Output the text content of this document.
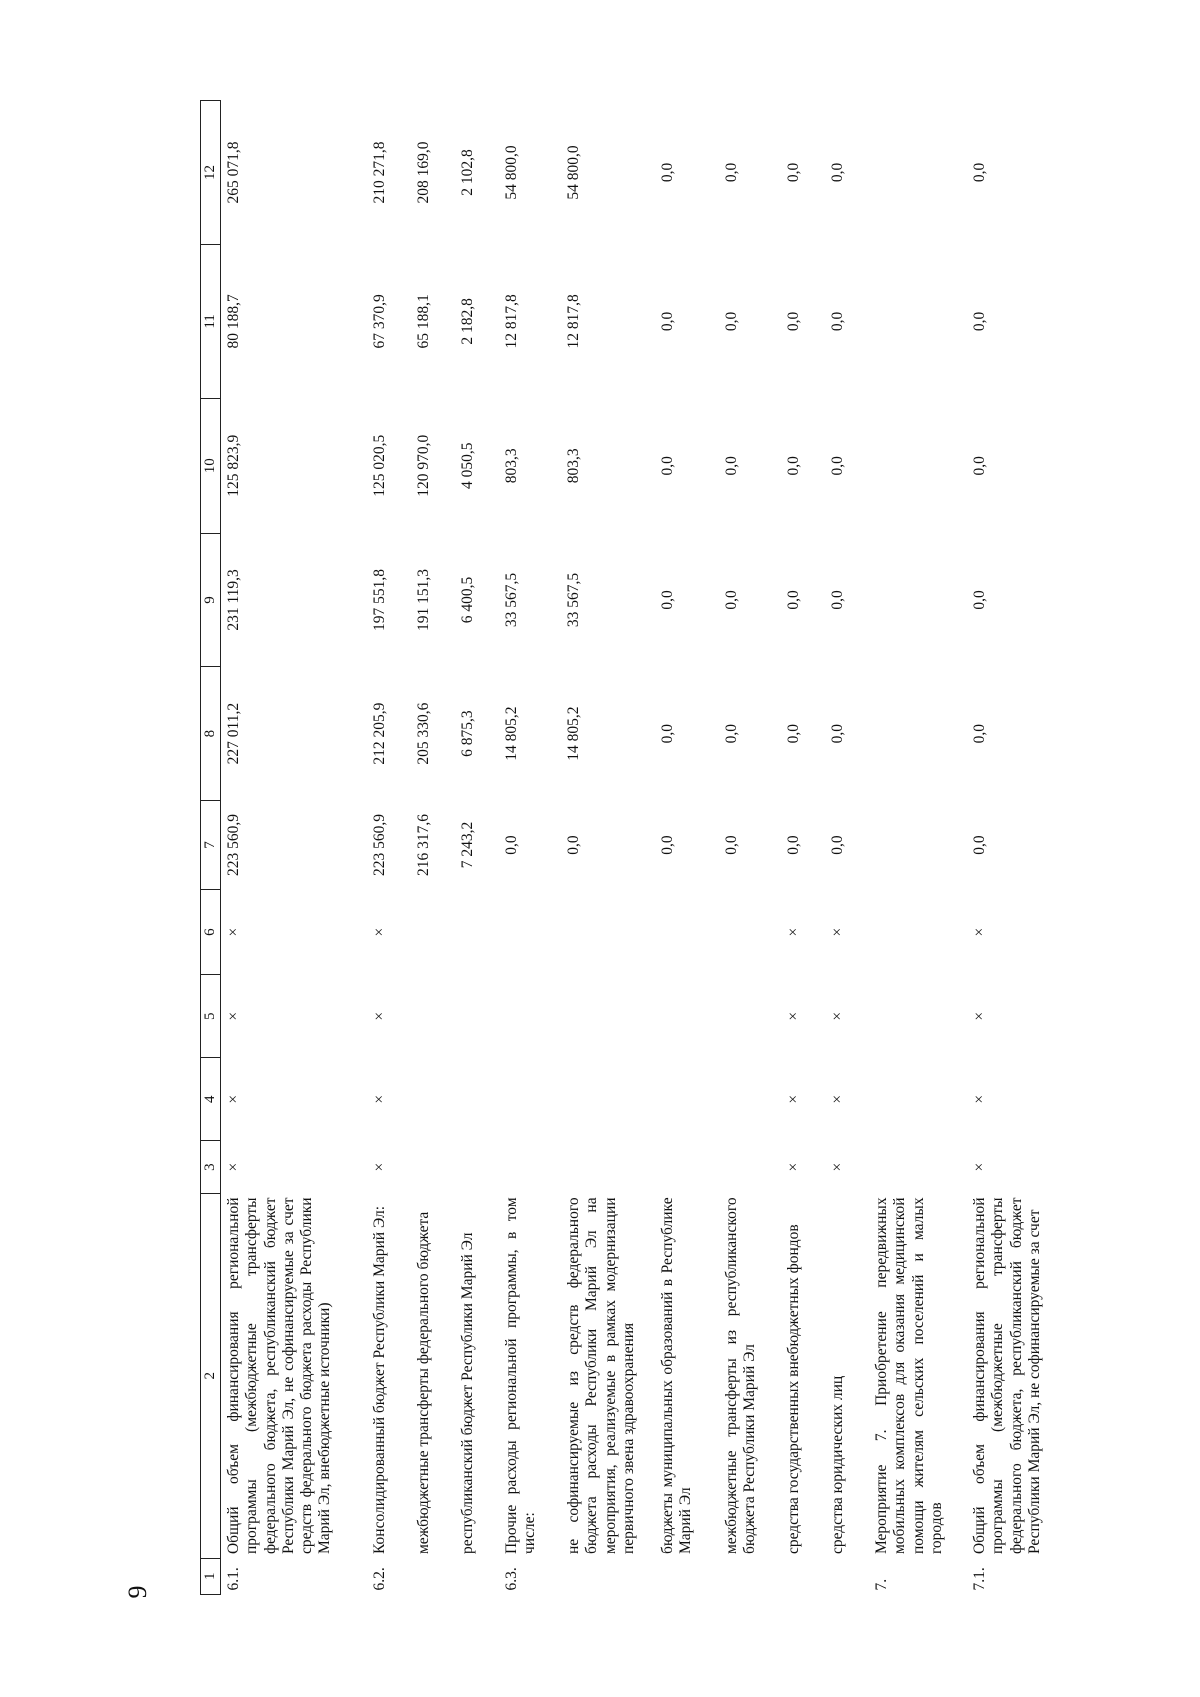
9
1	2	3	4	5	6	7	8	9	10	11	12
6.1.	Общий объем финансирования региональной программы (межбюджетные трансферты федерального бюджета, республиканский бюджет Республики Марий Эл, не софинансируемые за счет средств федерального бюджета расходы Республики Марий Эл, внебюджетные источники)	×	×	×	×	223 560,9	227 011,2	231 119,3	125 823,9	80 188,7	265 071,8
6.2.	Консолидированный бюджет Республики Марий Эл:	×	×	×	×	223 560,9	212 205,9	197 551,8	125 020,5	67 370,9	210 271,8
	межбюджетные трансферты федерального бюджета					216 317,6	205 330,6	191 151,3	120 970,0	65 188,1	208 169,0
	республиканский бюджет Республики Марий Эл					7 243,2	6 875,3	6 400,5	4 050,5	2 182,8	2 102,8
6.3.	Прочие расходы региональной программы, в том числе:					0,0	14 805,2	33 567,5	803,3	12 817,8	54 800,0
	не софинансируемые из средств федерального бюджета расходы Республики Марий Эл на мероприятия, реализуемые в рамках модернизации первичного звена здравоохранения					0,0	14 805,2	33 567,5	803,3	12 817,8	54 800,0
	бюджеты муниципальных образований в Республике Марий Эл					0,0	0,0	0,0	0,0	0,0	0,0
	межбюджетные трансферты из республиканского бюджета Республики Марий Эл					0,0	0,0	0,0	0,0	0,0	0,0
	средства государственных внебюджетных фондов	×	×	×	×	0,0	0,0	0,0	0,0	0,0	0,0
	средства юридических лиц	×	×	×	×	0,0	0,0	0,0	0,0	0,0	0,0
7.	Мероприятие 7. Приобретение передвижных мобильных комплексов для оказания медицинской помощи жителям сельских поселений и малых городов										
7.1.	Общий объем финансирования региональной программы (межбюджетные трансферты федерального бюджета, республиканский бюджет Республики Марий Эл, не софинансируемые за счет	×	×	×	×	0,0	0,0	0,0	0,0	0,0	0,0
